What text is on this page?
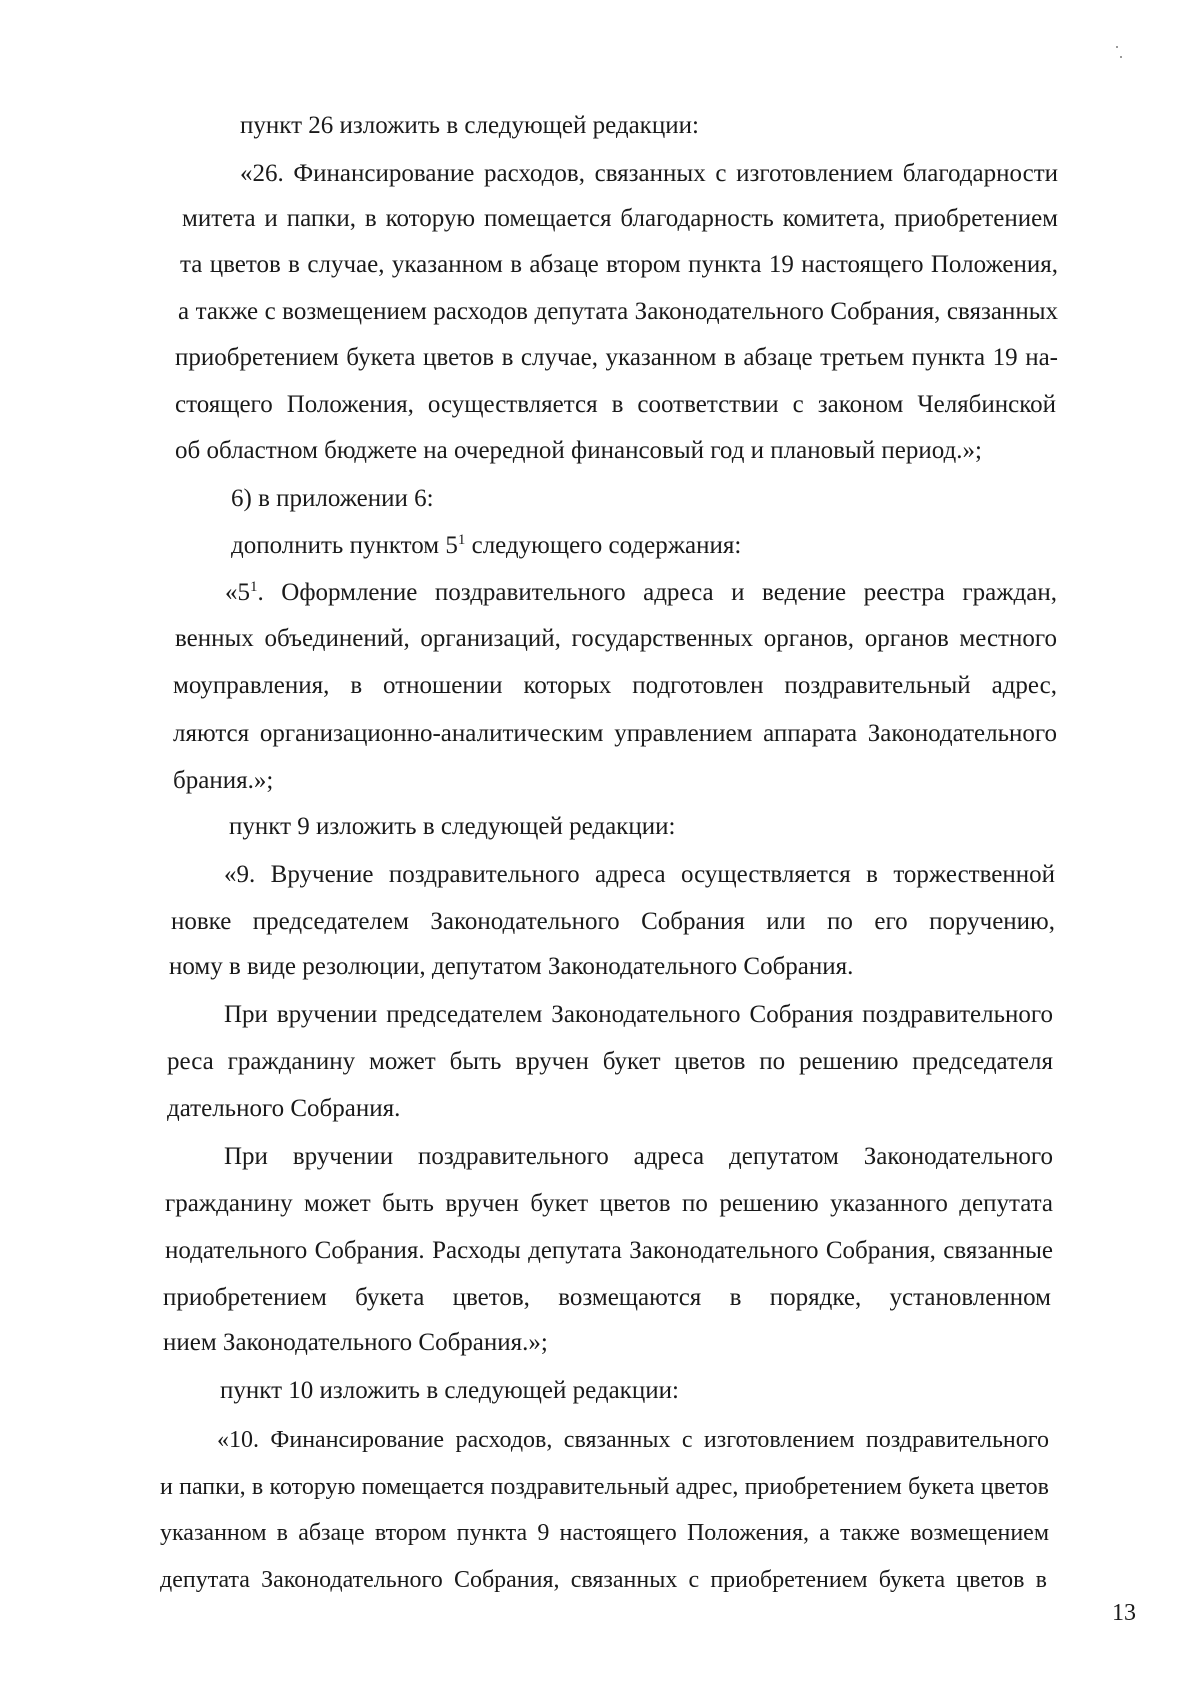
пункт 26 изложить в следующей редакции:
«26. Финансирование расходов, связанных с изготовлением благодарности
митета и папки, в которую помещается благодарность комитета, приобретением
та цветов в случае, указанном в абзаце втором пункта 19 настоящего Положения,
а также с возмещением расходов депутата Законодательного Собрания, связанных
приобретением букета цветов в случае, указанном в абзаце третьем пункта 19 на-
стоящего Положения, осуществляется в соответствии с законом Челябинской
об областном бюджете на очередной финансовый год и плановый период.»;
6) в приложении 6:
дополнить пунктом $5^1$ следующего содержания:
«$5^1$. Оформление поздравительного адреса и ведение реестра граждан,
венных объединений, организаций, государственных органов, органов местного
моуправления, в отношении которых подготовлен поздравительный адрес,
ляются организационно-аналитическим управлением аппарата Законодательного
брания.»;
пункт 9 изложить в следующей редакции:
«9. Вручение поздравительного адреса осуществляется в торжественной
новке председателем Законодательного Собрания или по его поручению,
ному в виде резолюции, депутатом Законодательного Собрания.
При вручении председателем Законодательного Собрания поздравительного
реса гражданину может быть вручен букет цветов по решению председателя
дательного Собрания.
При вручении поздравительного адреса депутатом Законодательного
гражданину может быть вручен букет цветов по решению указанного депутата
нодательного Собрания. Расходы депутата Законодательного Собрания, связанные
приобретением букета цветов, возмещаются в порядке, установленном
нием Законодательного Собрания.»;
пункт 10 изложить в следующей редакции:
«10. Финансирование расходов, связанных с изготовлением поздравительного
и папки, в которую помещается поздравительный адрес, приобретением букета цветов
указанном в абзаце втором пункта 9 настоящего Положения, а также возмещением
депутата Законодательного Собрания, связанных с приобретением букета цветов в
13
